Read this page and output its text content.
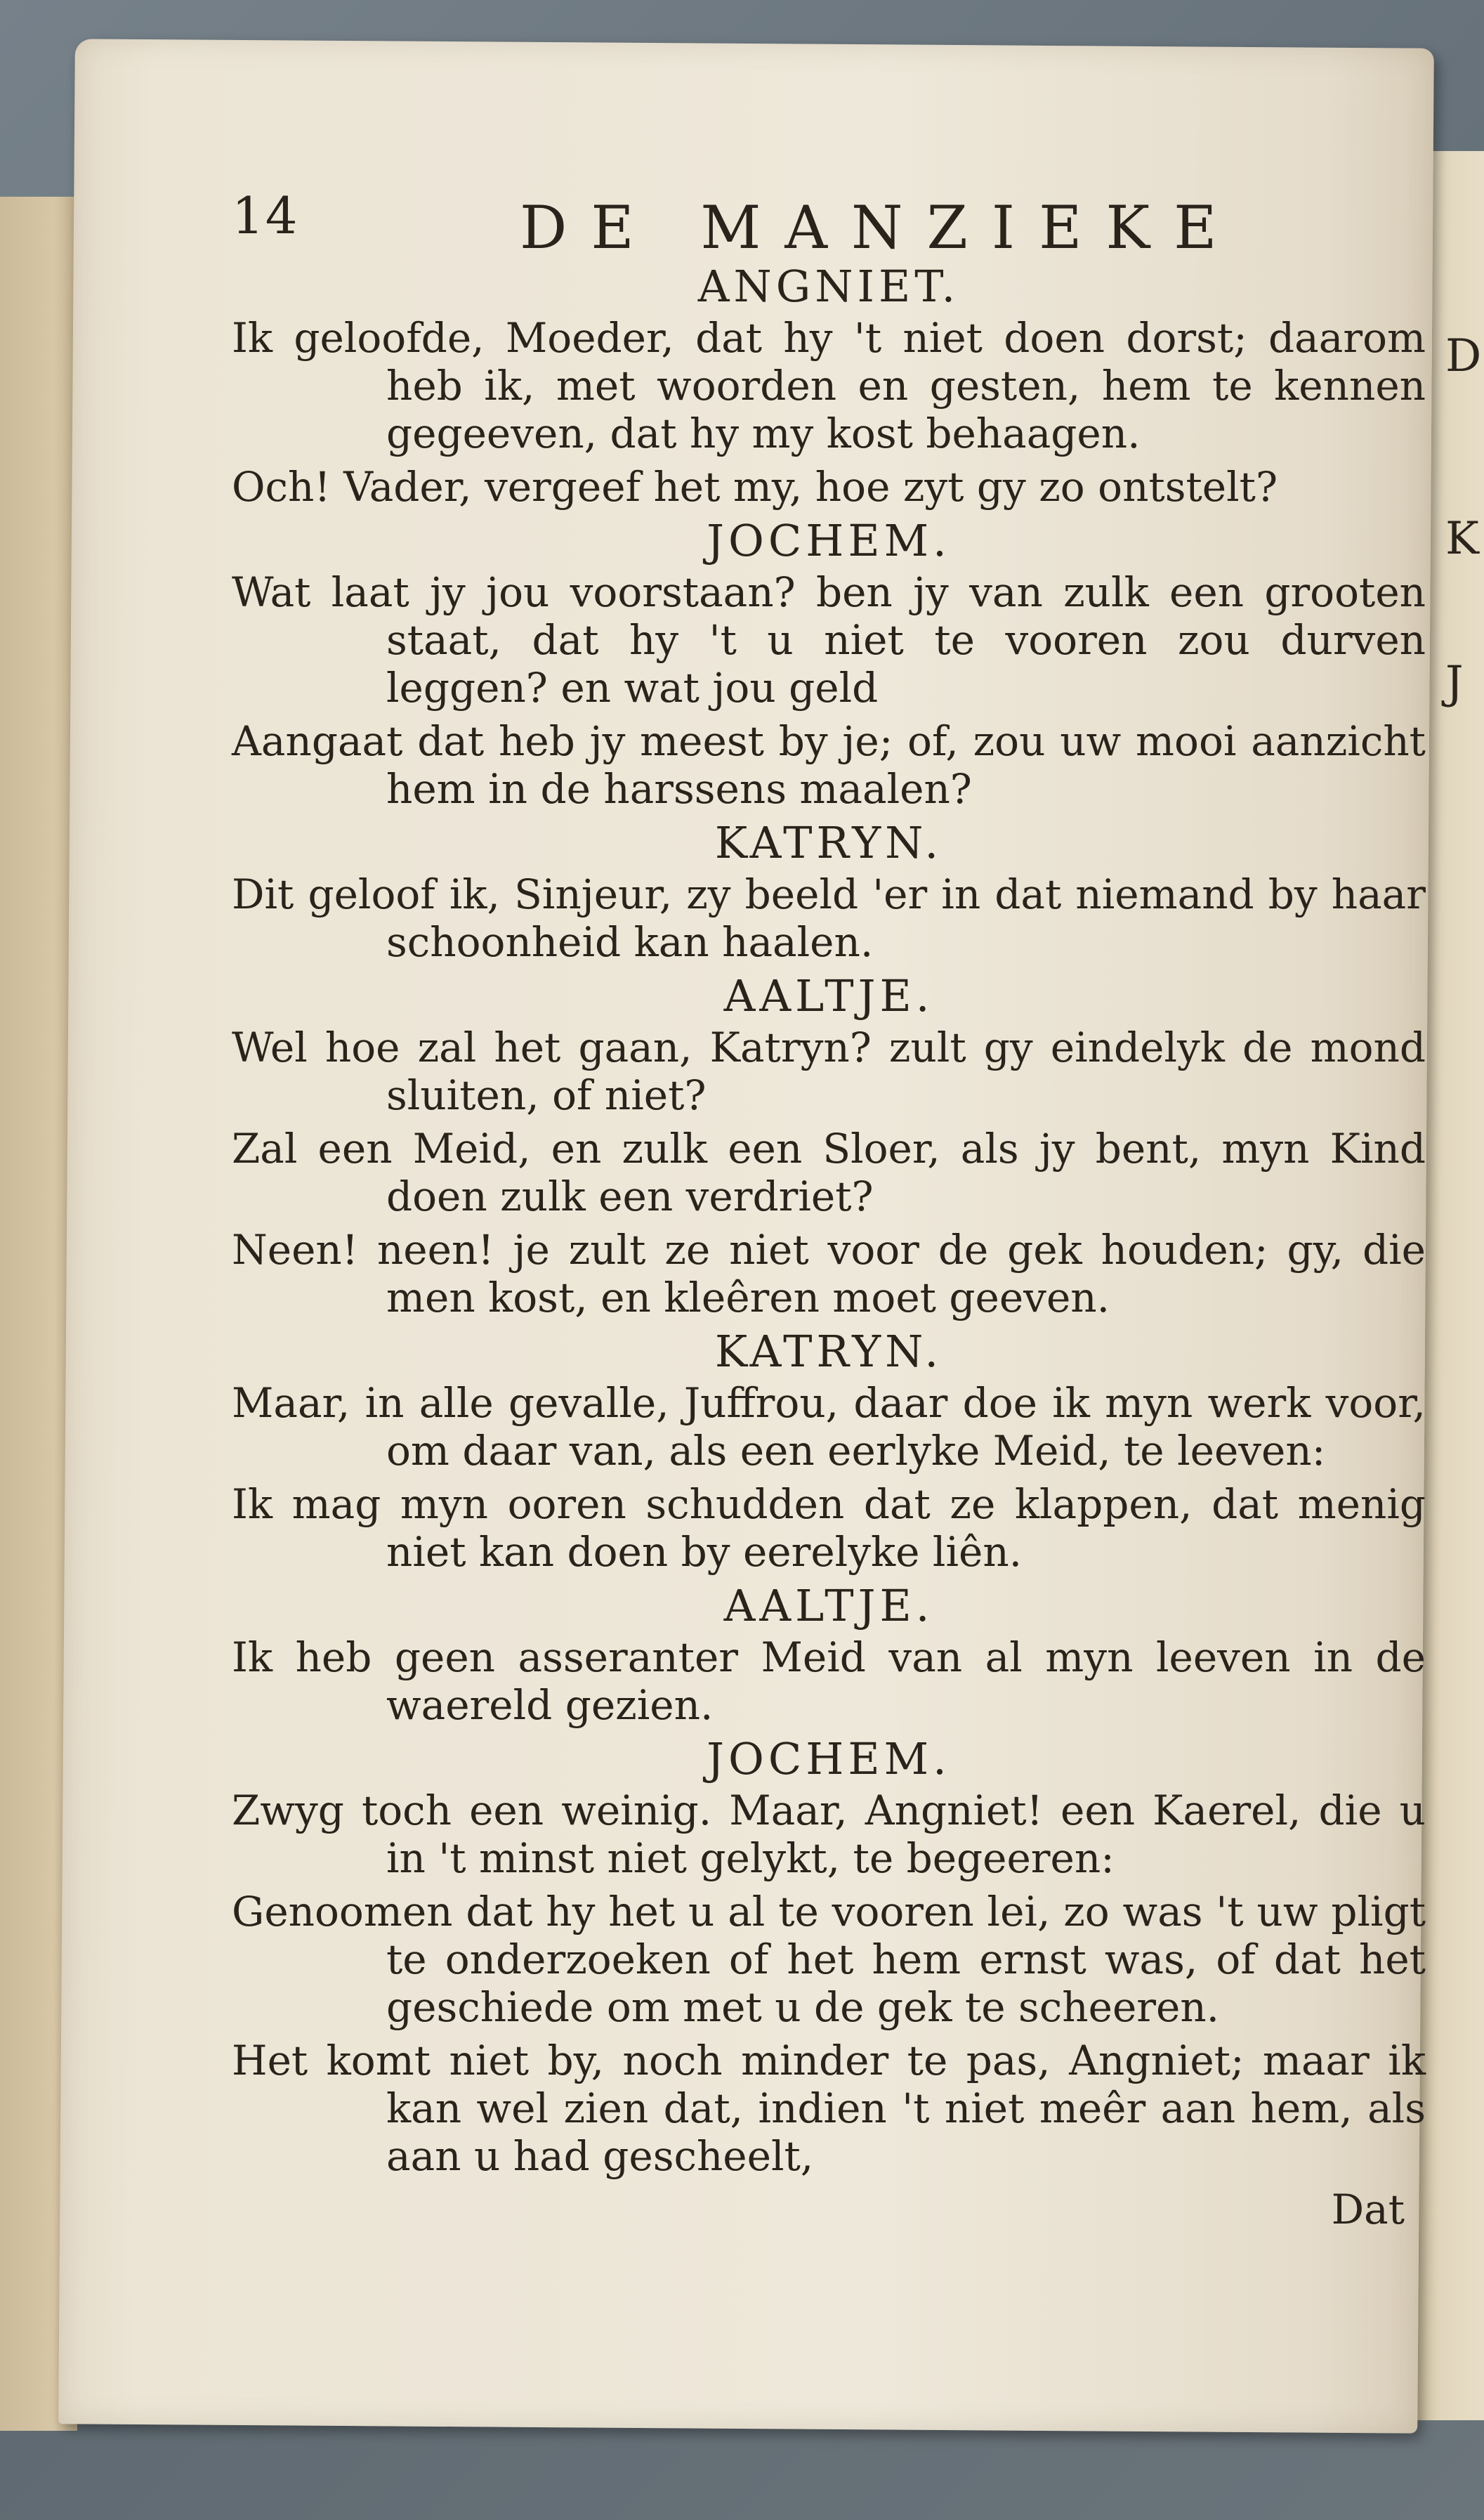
D
K
J
14	DE MANZIEKE
ANGNIET.
Ik geloofde, Moeder, dat hy 't niet doen dorst; daarom heb ik, met woorden en gesten, hem te kennen gegeeven, dat hy my kost behaagen.
Och! Vader, vergeef het my, hoe zyt gy zo ontstelt?
JOCHEM.
Wat laat jy jou voorstaan? ben jy van zulk een grooten staat, dat hy 't u niet te vooren zou durven leggen? en wat jou geld
Aangaat dat heb jy meest by je; of, zou uw mooi aanzicht hem in de harssens maalen?
KATRYN.
Dit geloof ik, Sinjeur, zy beeld 'er in dat niemand by haar schoonheid kan haalen.
AALTJE.
Wel hoe zal het gaan, Katryn? zult gy eindelyk de mond sluiten, of niet?
Zal een Meid, en zulk een Sloer, als jy bent, myn Kind doen zulk een verdriet?
Neen! neen! je zult ze niet voor de gek houden; gy, die men kost, en kleêren moet geeven.
KATRYN.
Maar, in alle gevalle, Juffrou, daar doe ik myn werk voor, om daar van, als een eerlyke Meid, te leeven:
Ik mag myn ooren schudden dat ze klappen, dat menig niet kan doen by eerelyke liên.
AALTJE.
Ik heb geen asseranter Meid van al myn leeven in de waereld gezien.
JOCHEM.
Zwyg toch een weinig. Maar, Angniet! een Kaerel, die u in 't minst niet gelykt, te begeeren:
Genoomen dat hy het u al te vooren lei, zo was 't uw pligt te onderzoeken of het hem ernst was, of dat het geschiede om met u de gek te scheeren.
Het komt niet by, noch minder te pas, Angniet; maar ik kan wel zien dat, indien 't niet meêr aan hem, als aan u had gescheelt,
Dat
